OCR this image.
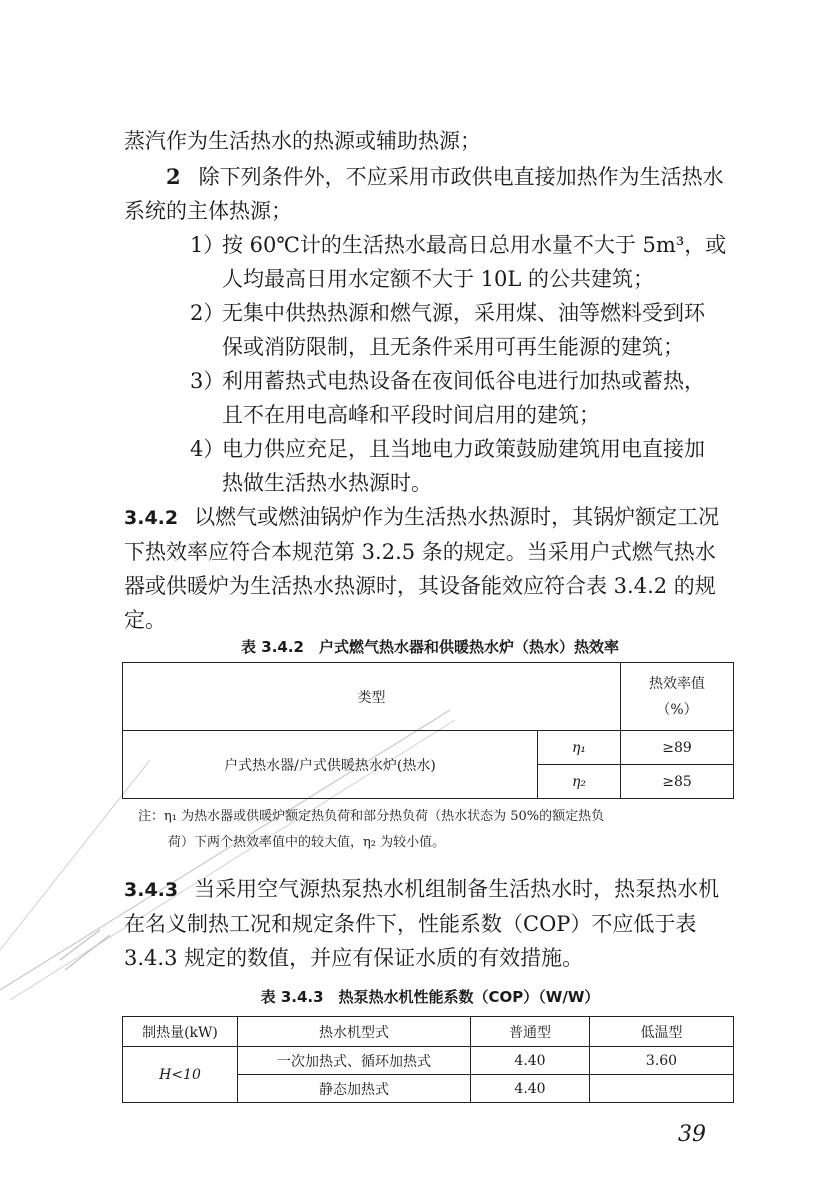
蒸汽作为生活热水的热源或辅助热源；

2 除下列条件外，不应采用市政供电直接加热作为生活热水系统的主体热源；

1）按 60℃计的生活热水最高日总用水量不大于 5m³，或
人均最高日用水定额不大于 10L 的公共建筑；
2）无集中供热热源和燃气源，采用煤、油等燃料受到环
保或消防限制，且无条件采用可再生能源的建筑；
3）利用蓄热式电热设备在夜间低谷电进行加热或蓄热，
且不在用电高峰和平段时间启用的建筑；
4）电力供应充足，且当地电力政策鼓励建筑用电直接加
热做生活热水热源时。

3.4.2 以燃气或燃油锅炉作为生活热水热源时，其锅炉额定工况下热效率应符合本规范第 3.2.5 条的规定。当采用户式燃气热水器或供暖炉为生活热水热源时，其设备能效应符合表 3.4.2 的规定。

表 3.4.2　户式燃气热水器和供暖热水炉（热水）热效率
类型		热效率值
（%）
户式热水器/户式供暖热水炉(热水)	η₁	≥89
	η₂	≥85
注：η₁ 为热水器或供暖炉额定热负荷和部分热负荷（热水状态为 50%的额定热负
荷）下两个热效率值中的较大值，η₂ 为较小值。

3.4.3 当采用空气源热泵热水机组制备生活热水时，热泵热水机在名义制热工况和规定条件下，性能系数（COP）不应低于表 3.4.3 规定的数值，并应有保证水质的有效措施。

表 3.4.3　热泵热水机性能系数（COP）（W/W）
制热量(kW)	热水机型式	普通型	低温型
H<10	一次加热式、循环加热式	4.40	3.60
	静态加热式	4.40	
39
